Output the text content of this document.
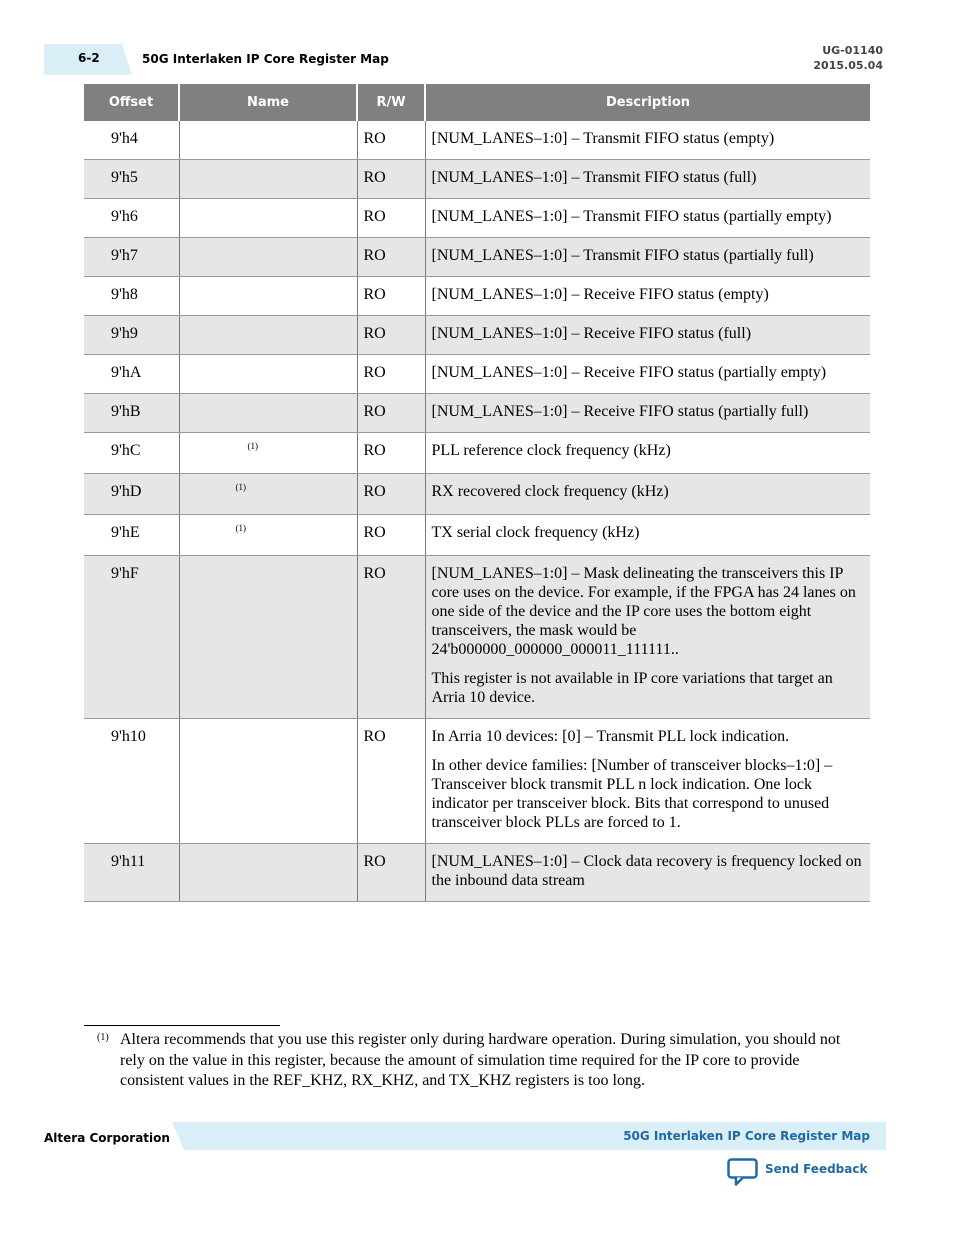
6-2	50G Interlaken IP Core Register Map
UG-01140
2015.05.04
Offset	Name	R/W	Description
9'h4		RO	[NUM_LANES–1:0] – Transmit FIFO status (empty)

9'h5		RO	[NUM_LANES–1:0] – Transmit FIFO status (full)

9'h6		RO	[NUM_LANES–1:0] – Transmit FIFO status (partially empty)

9'h7		RO	[NUM_LANES–1:0] – Transmit FIFO status (partially full)

9'h8		RO	[NUM_LANES–1:0] – Receive FIFO status (empty)

9'h9		RO	[NUM_LANES–1:0] – Receive FIFO status (full)

9'hA		RO	[NUM_LANES–1:0] – Receive FIFO status (partially empty)

9'hB		RO	[NUM_LANES–1:0] – Receive FIFO status (partially full)

9'hC	$^{(1)}$	RO	PLL reference clock frequency (kHz)

9'hD	$^{(1)}$	RO	RX recovered clock frequency (kHz)

9'hE	$^{(1)}$	RO	TX serial clock frequency (kHz)

9'hF		RO	[NUM_LANES–1:0] – Mask delineating the transceivers this IP core uses on the device. For example, if the FPGA has 24 lanes on one side of the device and the IP core uses the bottom eight transceivers, the mask would be 24'b000000_000000_000011_111111..

This register is not available in IP core variations that target an Arria 10 device.

9'h10		RO	In Arria 10 devices: [0] – Transmit PLL lock indication.

In other device families: [Number of transceiver blocks–1:0] – Transceiver block transmit PLL n lock indication. One lock indicator per transceiver block. Bits that correspond to unused transceiver block PLLs are forced to 1.

9'h11		RO	[NUM_LANES–1:0] – Clock data recovery is frequency locked on the inbound data stream

(1) Altera recommends that you use this register only during hardware operation. During simulation, you should not rely on the value in this register, because the amount of simulation time required for the IP core to provide consistent values in the REF_KHZ, RX_KHZ, and TX_KHZ registers is too long.
Altera Corporation	50G Interlaken IP Core Register Map
Send Feedback
